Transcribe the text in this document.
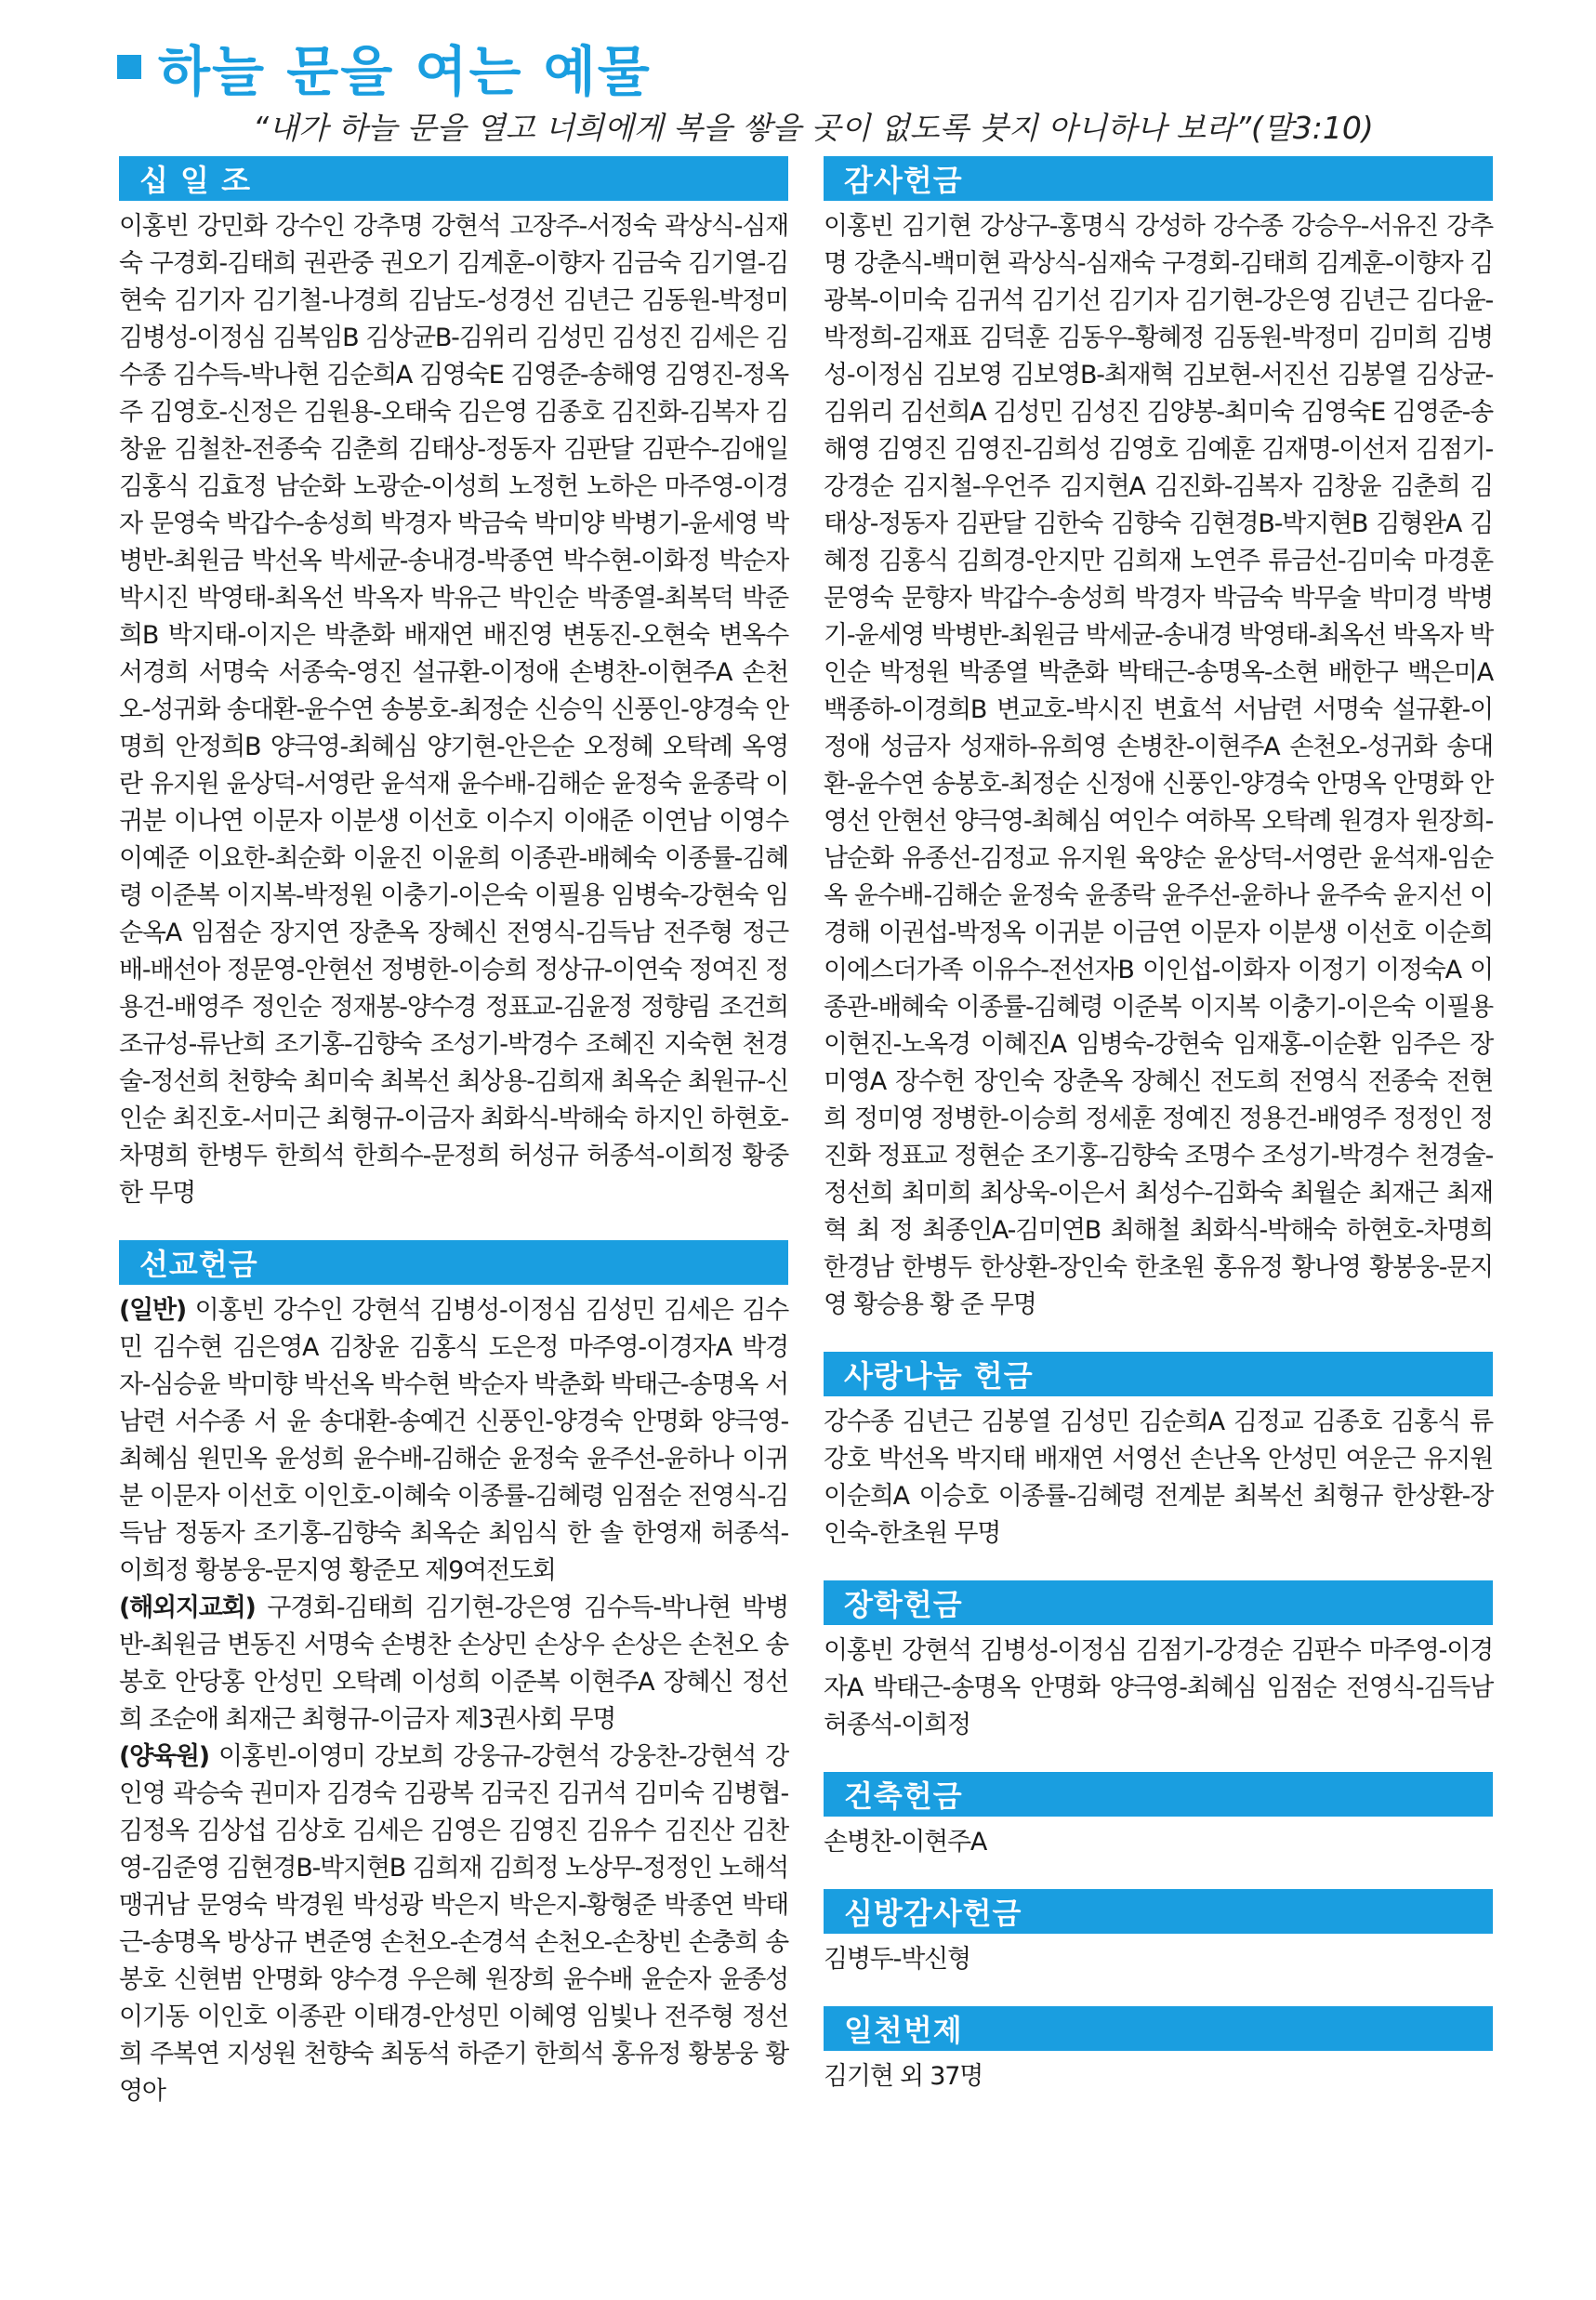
하늘 문을 여는 예물
“내가 하늘 문을 열고 너희에게 복을 쌓을 곳이 없도록 붓지 아니하나 보라”(말3:10)
십 일 조
이홍빈 강민화 강수인 강추명 강현석 고장주-서정숙 곽상식-심재숙 구경회-김태희 권관중 권오기 김계훈-이향자 김금숙 김기열-김현숙 김기자 김기철-나경희 김남도-성경선 김년근 김동원-박정미 김병성-이정심 김복임B 김상균B-김위리 김성민 김성진 김세은 김수종 김수득-박나현 김순희A 김영숙E 김영준-송해영 김영진-정옥주 김영호-신정은 김원용-오태숙 김은영 김종호 김진화-김복자 김창윤 김철찬-전종숙 김춘희 김태상-정동자 김판달 김판수-김애일 김홍식 김효정 남순화 노광순-이성희 노정헌 노하은 마주영-이경자 문영숙 박갑수-송성희 박경자 박금숙 박미양 박병기-윤세영 박병반-최원금 박선옥 박세균-송내경-박종연 박수현-이화정 박순자 박시진 박영태-최옥선 박옥자 박유근 박인순 박종열-최복덕 박준희B 박지태-이지은 박춘화 배재연 배진영 변동진-오현숙 변옥수 서경희 서명숙 서종숙-영진 설규환-이정애 손병찬-이현주A 손천오-성귀화 송대환-윤수연 송봉호-최정순 신승익 신풍인-양경숙 안명희 안정희B 양극영-최혜심 양기현-안은순 오정혜 오탁례 옥영란 유지원 윤상덕-서영란 윤석재 윤수배-김해순 윤정숙 윤종락 이귀분 이나연 이문자 이분생 이선호 이수지 이애준 이연남 이영수 이예준 이요한-최순화 이윤진 이윤희 이종관-배혜숙 이종률-김혜령 이준복 이지복-박정원 이충기-이은숙 이필용 임병숙-강현숙 임순옥A 임점순 장지연 장춘옥 장혜신 전영식-김득남 전주형 정근배-배선아 정문영-안현선 정병한-이승희 정상규-이연숙 정여진 정용건-배영주 정인순 정재봉-양수경 정표교-김윤정 정향림 조건희 조규성-류난희 조기홍-김향숙 조성기-박경수 조혜진 지숙현 천경술-정선희 천향숙 최미숙 최복선 최상용-김희재 최옥순 최원규-신인순 최진호-서미근 최형규-이금자 최화식-박해숙 하지인 하현호-차명희 한병두 한희석 한희수-문정희 허성규 허종석-이희정 황중한 무명
선교헌금

(일반) 이홍빈 강수인 강현석 김병성-이정심 김성민 김세은 김수민 김수현 김은영A 김창윤 김홍식 도은정 마주영-이경자A 박경자-심승윤 박미향 박선옥 박수현 박순자 박춘화 박태근-송명옥 서남련 서수종 서 윤 송대환-송예건 신풍인-양경숙 안명화 양극영-최혜심 원민옥 윤성희 윤수배-김해순 윤정숙 윤주선-윤하나 이귀분 이문자 이선호 이인호-이혜숙 이종률-김혜령 임점순 전영식-김득남 정동자 조기홍-김향숙 최옥순 최임식 한 솔 한영재 허종석-이희정 황봉웅-문지영 황준모 제9여전도회

(해외지교회) 구경회-김태희 김기현-강은영 김수득-박나현 박병반-최원금 변동진 서명숙 손병찬 손상민 손상우 손상은 손천오 송봉호 안당홍 안성민 오탁례 이성희 이준복 이현주A 장혜신 정선희 조순애 최재근 최형규-이금자 제3권사회 무명

(양육원) 이홍빈-이영미 강보희 강웅규-강현석 강웅찬-강현석 강인영 곽승숙 권미자 김경숙 김광복 김국진 김귀석 김미숙 김병협-김정옥 김상섭 김상호 김세은 김영은 김영진 김유수 김진산 김찬영-김준영 김현경B-박지현B 김희재 김희정 노상무-정정인 노해석 맹귀남 문영숙 박경원 박성광 박은지 박은지-황형준 박종연 박태근-송명옥 방상규 변준영 손천오-손경석 손천오-손창빈 손충희 송봉호 신현범 안명화 양수경 우은혜 원장희 윤수배 윤순자 윤종성 이기동 이인호 이종관 이태경-안성민 이혜영 임빛나 전주형 정선희 주복연 지성원 천향숙 최동석 하준기 한희석 홍유정 황봉웅 황영아

감사헌금
이홍빈 김기현 강상구-홍명식 강성하 강수종 강승우-서유진 강추명 강춘식-백미현 곽상식-심재숙 구경회-김태희 김계훈-이향자 김광복-이미숙 김귀석 김기선 김기자 김기현-강은영 김년근 김다윤-박정희-김재표 김덕훈 김동우-황혜정 김동원-박정미 김미희 김병성-이정심 김보영 김보영B-최재혁 김보현-서진선 김봉열 김상균-김위리 김선희A 김성민 김성진 김양봉-최미숙 김영숙E 김영준-송해영 김영진 김영진-김희성 김영호 김예훈 김재명-이선저 김점기-강경순 김지철-우언주 김지현A 김진화-김복자 김창윤 김춘희 김태상-정동자 김판달 김한숙 김향숙 김현경B-박지현B 김형완A 김혜정 김홍식 김희경-안지만 김희재 노연주 류금선-김미숙 마경훈 문영숙 문향자 박갑수-송성희 박경자 박금숙 박무술 박미경 박병기-윤세영 박병반-최원금 박세균-송내경 박영태-최옥선 박옥자 박인순 박정원 박종열 박춘화 박태근-송명옥-소현 배한구 백은미A 백종하-이경희B 변교호-박시진 변효석 서남련 서명숙 설규환-이정애 성금자 성재하-유희영 손병찬-이현주A 손천오-성귀화 송대환-윤수연 송봉호-최정순 신정애 신풍인-양경숙 안명옥 안명화 안영선 안현선 양극영-최혜심 여인수 여하목 오탁례 원경자 원장희-남순화 유종선-김정교 유지원 육양순 윤상덕-서영란 윤석재-임순옥 윤수배-김해순 윤정숙 윤종락 윤주선-윤하나 윤주숙 윤지선 이경해 이권섭-박정옥 이귀분 이금연 이문자 이분생 이선호 이순희 이에스더가족 이유수-전선자B 이인섭-이화자 이정기 이정숙A 이종관-배혜숙 이종률-김혜령 이준복 이지복 이충기-이은숙 이필용 이현진-노옥경 이혜진A 임병숙-강현숙 임재홍-이순환 임주은 장미영A 장수헌 장인숙 장춘옥 장혜신 전도희 전영식 전종숙 전현희 정미영 정병한-이승희 정세훈 정예진 정용건-배영주 정정인 정진화 정표교 정현순 조기홍-김향숙 조명수 조성기-박경수 천경술-정선희 최미희 최상욱-이은서 최성수-김화숙 최월순 최재근 최재혁 최 정 최종인A-김미연B 최해철 최화식-박해숙 하현호-차명희 한경남 한병두 한상환-장인숙 한초원 홍유정 황나영 황봉웅-문지영 황승용 황 준 무명
사랑나눔 헌금
강수종 김년근 김봉열 김성민 김순희A 김정교 김종호 김홍식 류강호 박선옥 박지태 배재연 서영선 손난옥 안성민 여운근 유지원 이순희A 이승호 이종률-김혜령 전계분 최복선 최형규 한상환-장인숙-한초원 무명
장학헌금
이홍빈 강현석 김병성-이정심 김점기-강경순 김판수 마주영-이경자A 박태근-송명옥 안명화 양극영-최혜심 임점순 전영식-김득남 허종석-이희정
건축헌금
손병찬-이현주A
심방감사헌금
김병두-박신형
일천번제
김기현 외 37명
